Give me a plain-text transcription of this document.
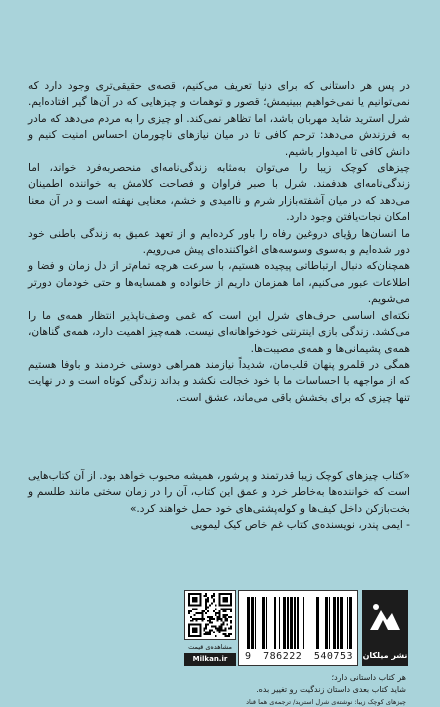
در پس هر داستانی که برای دنیا تعریف می‌کنیم، قصه‌ی حقیقی‌تری وجود دارد که نمی‌توانیم یا نمی‌خواهیم ببینیمش؛ قصور و توهمات و چیزهایی که در آن‌ها گیر افتاده‌ایم. شرل استرید شاید مهربان باشد، اما تظاهر نمی‌کند. او چیزی را به مردم می‌دهد که مادر به فرزندش می‌دهد: ترحم کافی تا در میان نیازهای ناچورمان احساس امنیت کنیم و دانش کافی تا امیدوار باشیم.

چیزهای کوچک زیبا را می‌توان به‌مثابه زندگی‌نامه‌ای منحصربه‌فرد خواند، اما زندگی‌نامه‌ای هدفمند. شرل با صبر فراوان و فصاحت کلامش به خواننده اطمینان می‌دهد که در میان آشفته‌بازار شرم و ناامیدی و خشم، معنایی نهفته است و در آن معنا امکان نجات‌یافتن وجود دارد.

ما انسان‌ها رؤیای دروغین رفاه را باور کرده‌ایم و از تعهد عمیق به زندگی باطنی خود دور شده‌ایم و به‌سوی وسوسه‌های اغواکننده‌ای پیش می‌رویم.

همچنان‌که دنبال ارتباطاتی پیچیده هستیم، با سرعت هرچه تمام‌تر از دل زمان و فضا و اطلاعات عبور می‌کنیم، اما همزمان داریم از خانواده و همسایه‌ها و حتی خودمان دورتر می‌شویم.

نکته‌ای اساسی حرف‌های شرل این است که غمی وصف‌ناپذیر انتظار همه‌ی ما را می‌کشد. زندگی بازی اینترنتی خودخواهانه‌ای نیست. همه‌چیز اهمیت دارد، همه‌ی گناهان، همه‌ی پشیمانی‌ها و همه‌ی مصیبت‌ها.

همگی در قلمرو پنهان قلب‌مان، شدیداً نیازمند همراهی دوستی خردمند و باوفا هستیم که از مواجهه با احساسات ما با خود خجالت نکشد و بداند زندگی کوتاه است و در نهایت تنها چیزی که برای بخشش باقی می‌ماند، عشق است.

«کتاب چیزهای کوچک زیبا قدرتمند و پرشور، همیشه محبوب خواهد بود. از آن کتاب‌هایی است که خواننده‌ها به‌خاطر خرد و عمق این کتاب، آن را در زمان سختی مانند طلسم و بخت‌بازکن داخل کیف‌ها و کوله‌پشتی‌های خود حمل خواهند کرد.»

- ایمی پندر، نویسنده‌ی کتاب غم خاص کیک لیمویی

مشاهده‌ی قیمت
Milkan.ir	9 786222 540753 نشر میلکان
هر کتاب داستانی دارد؛
شاید کتاب بعدی داستان زندگیت رو تغییر بده.
چیزهای کوچک زیبا: نوشته‌ی شرل استرید/ ترجمه‌ی هما قناد
